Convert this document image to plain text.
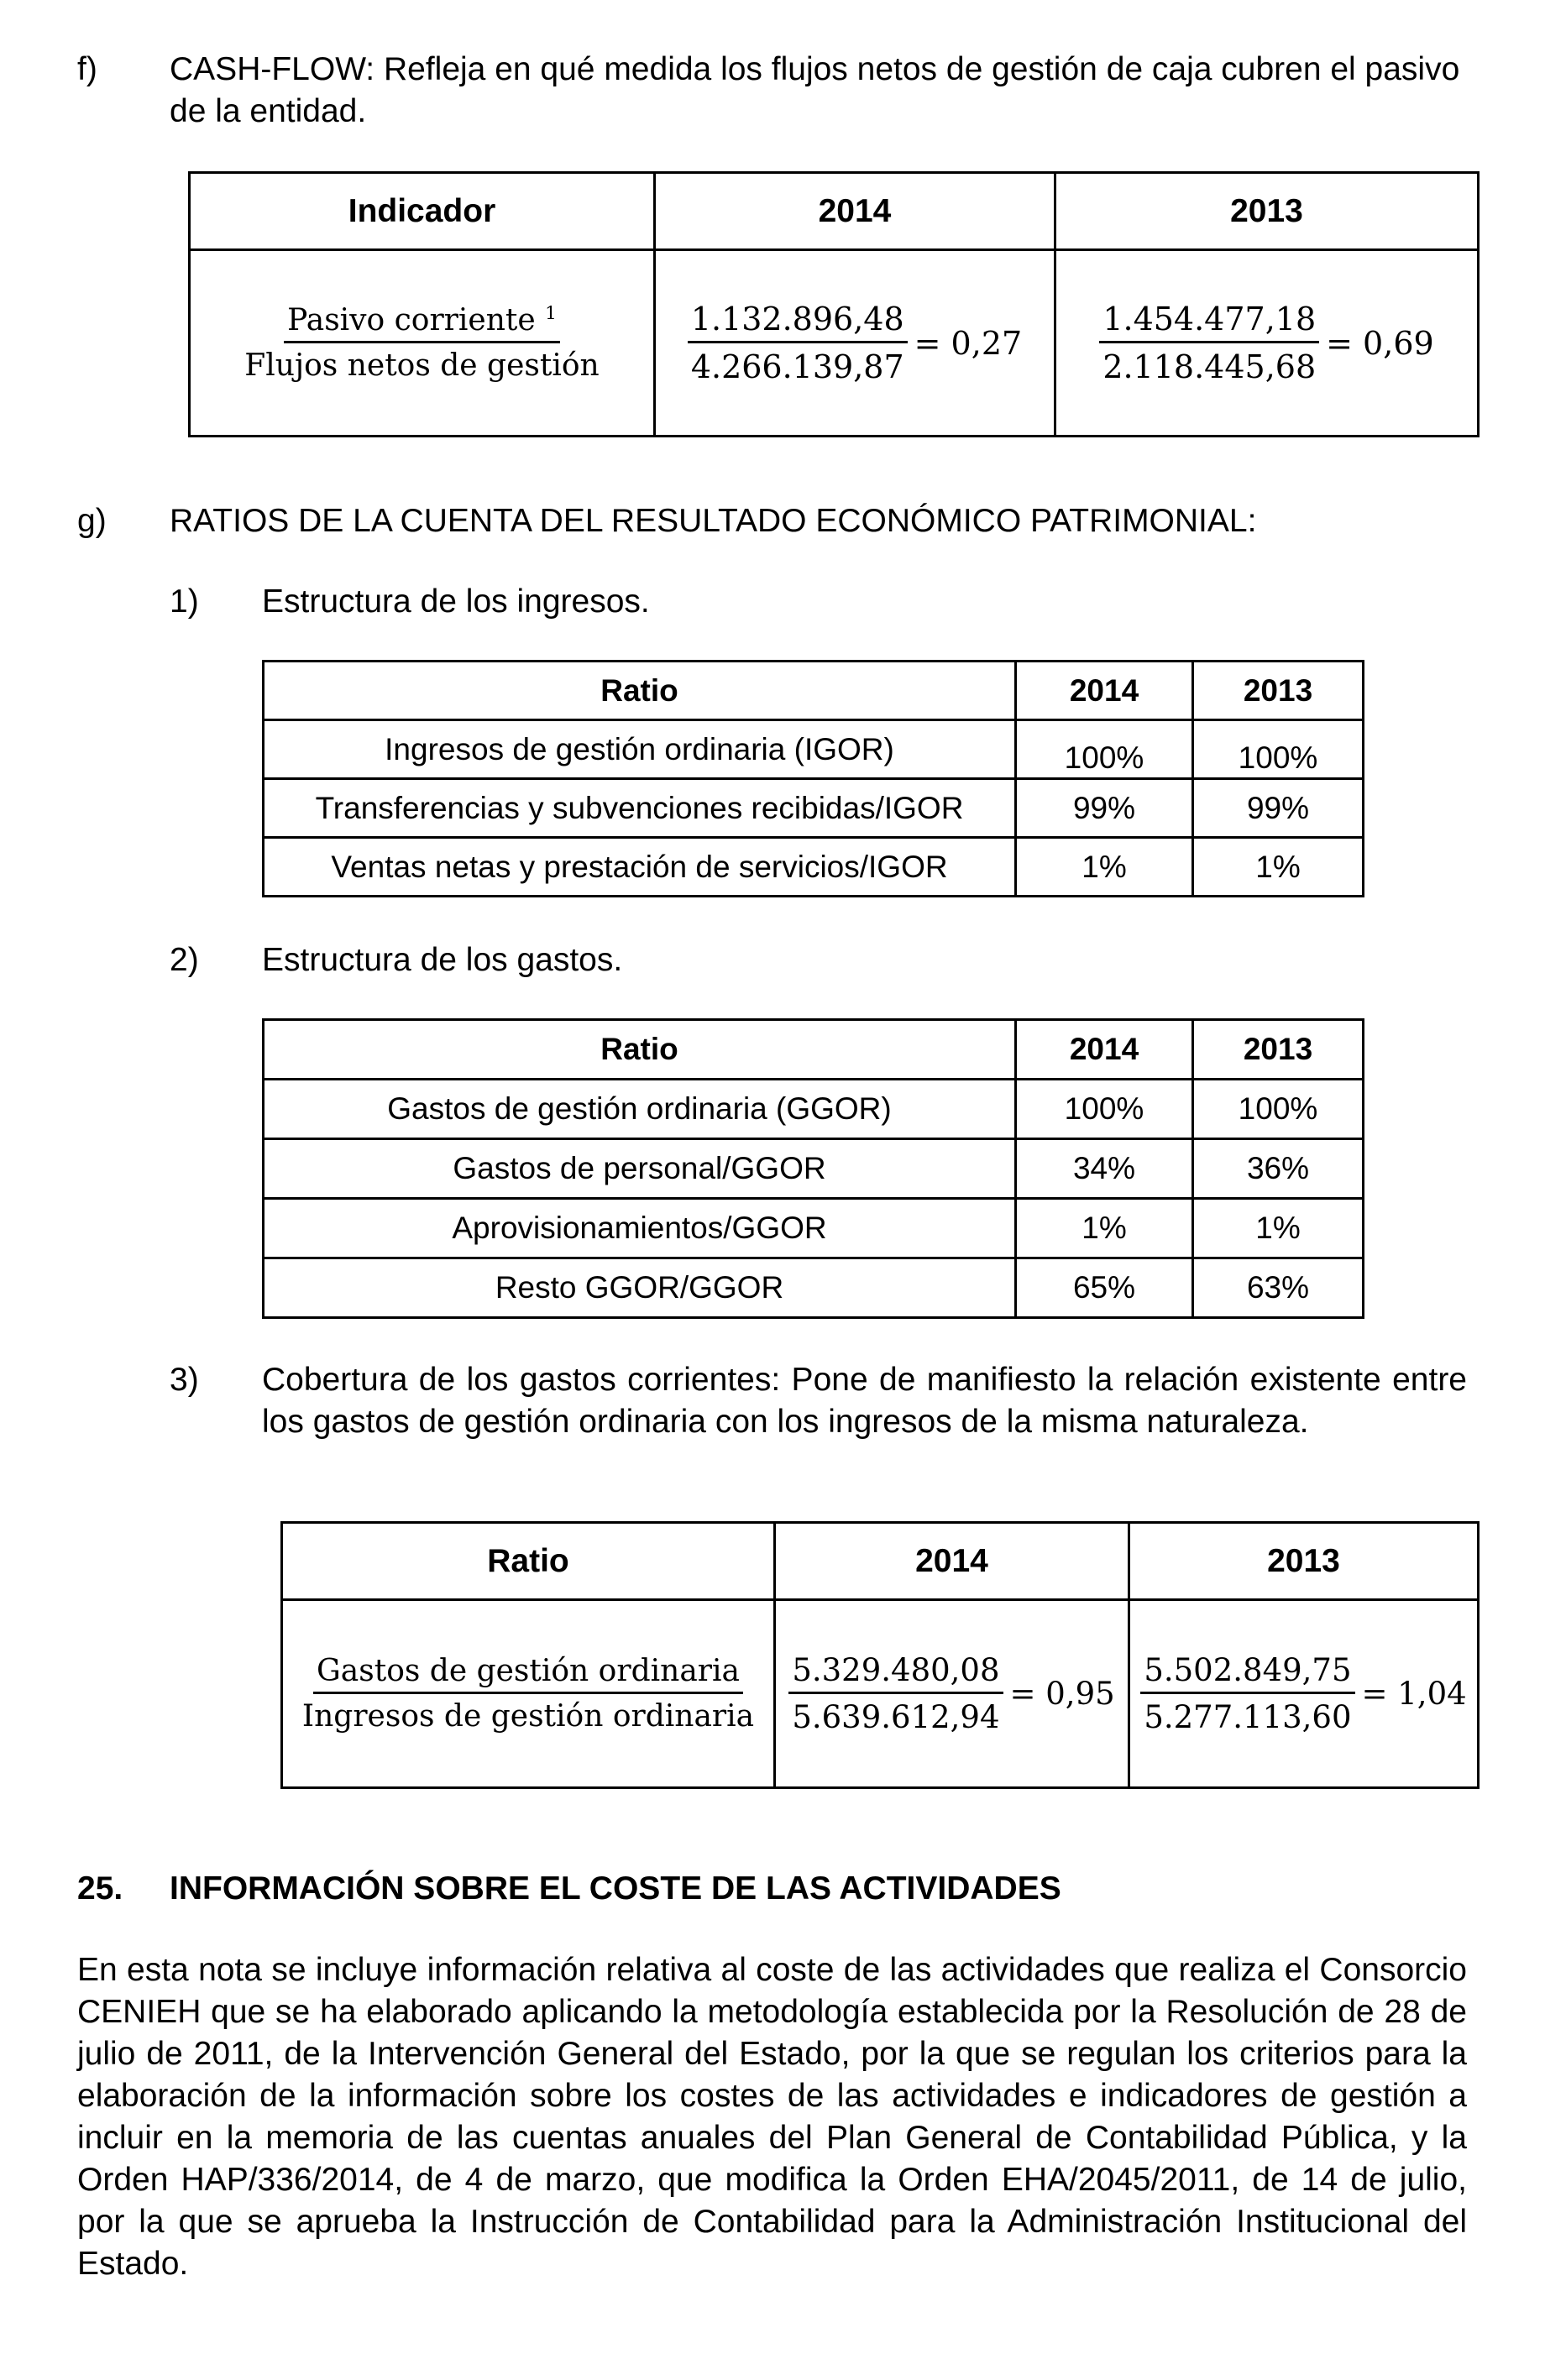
f) CASH-FLOW: Refleja en qué medida los flujos netos de gestión de caja cubren el pasivo de la entidad.
Indicador	2014	2013

$\frac{Pasivo corriente ^1}{\text{Flujos netos de gestión}}$	$\frac{1.132.896,48}{4.266.139,87} = 0,27$	$\frac{1.454.477,18}{2.118.445,68} = 0,69$
g) RATIOS DE LA CUENTA DEL RESULTADO ECONÓMICO PATRIMONIAL:
1) Estructura de los ingresos.
Ratio	2014	2013
Ingresos de gestión ordinaria (IGOR)	100%	100%
Transferencias y subvenciones recibidas/IGOR	99%	99%
Ventas netas y prestación de servicios/IGOR	1%	1%
2) Estructura de los gastos.
Ratio	2014	2013
Gastos de gestión ordinaria (GGOR)	100%	100%
Gastos de personal/GGOR	34%	36%
Aprovisionamientos/GGOR	1%	1%
Resto GGOR/GGOR	65%	63%
3) Cobertura de los gastos corrientes: Pone de manifiesto la relación existente entre los gastos de gestión ordinaria con los ingresos de la misma naturaleza.
Ratio	2014	2013

$\frac{\text{Gastos de gestión ordinaria}}{\text{Ingresos de gestión ordinaria}}$	$\frac{5.329.480,08}{5.639.612,94} = 0,95$	$\frac{5.502.849,75}{5.277.113,60} = 1,04$
25. INFORMACIÓN SOBRE EL COSTE DE LAS ACTIVIDADES
En esta nota se incluye información relativa al coste de las actividades que realiza el Consorcio CENIEH que se ha elaborado aplicando la metodología establecida por la Resolución de 28 de julio de 2011, de la Intervención General del Estado, por la que se regulan los criterios para la elaboración de la información sobre los costes de las actividades e indicadores de gestión a incluir en la memoria de las cuentas anuales del Plan General de Contabilidad Pública, y la Orden HAP/336/2014, de 4 de marzo, que modifica la Orden EHA/2045/2011, de 14 de julio, por la que se aprueba la Instrucción de Contabilidad para la Administración Institucional del Estado.
